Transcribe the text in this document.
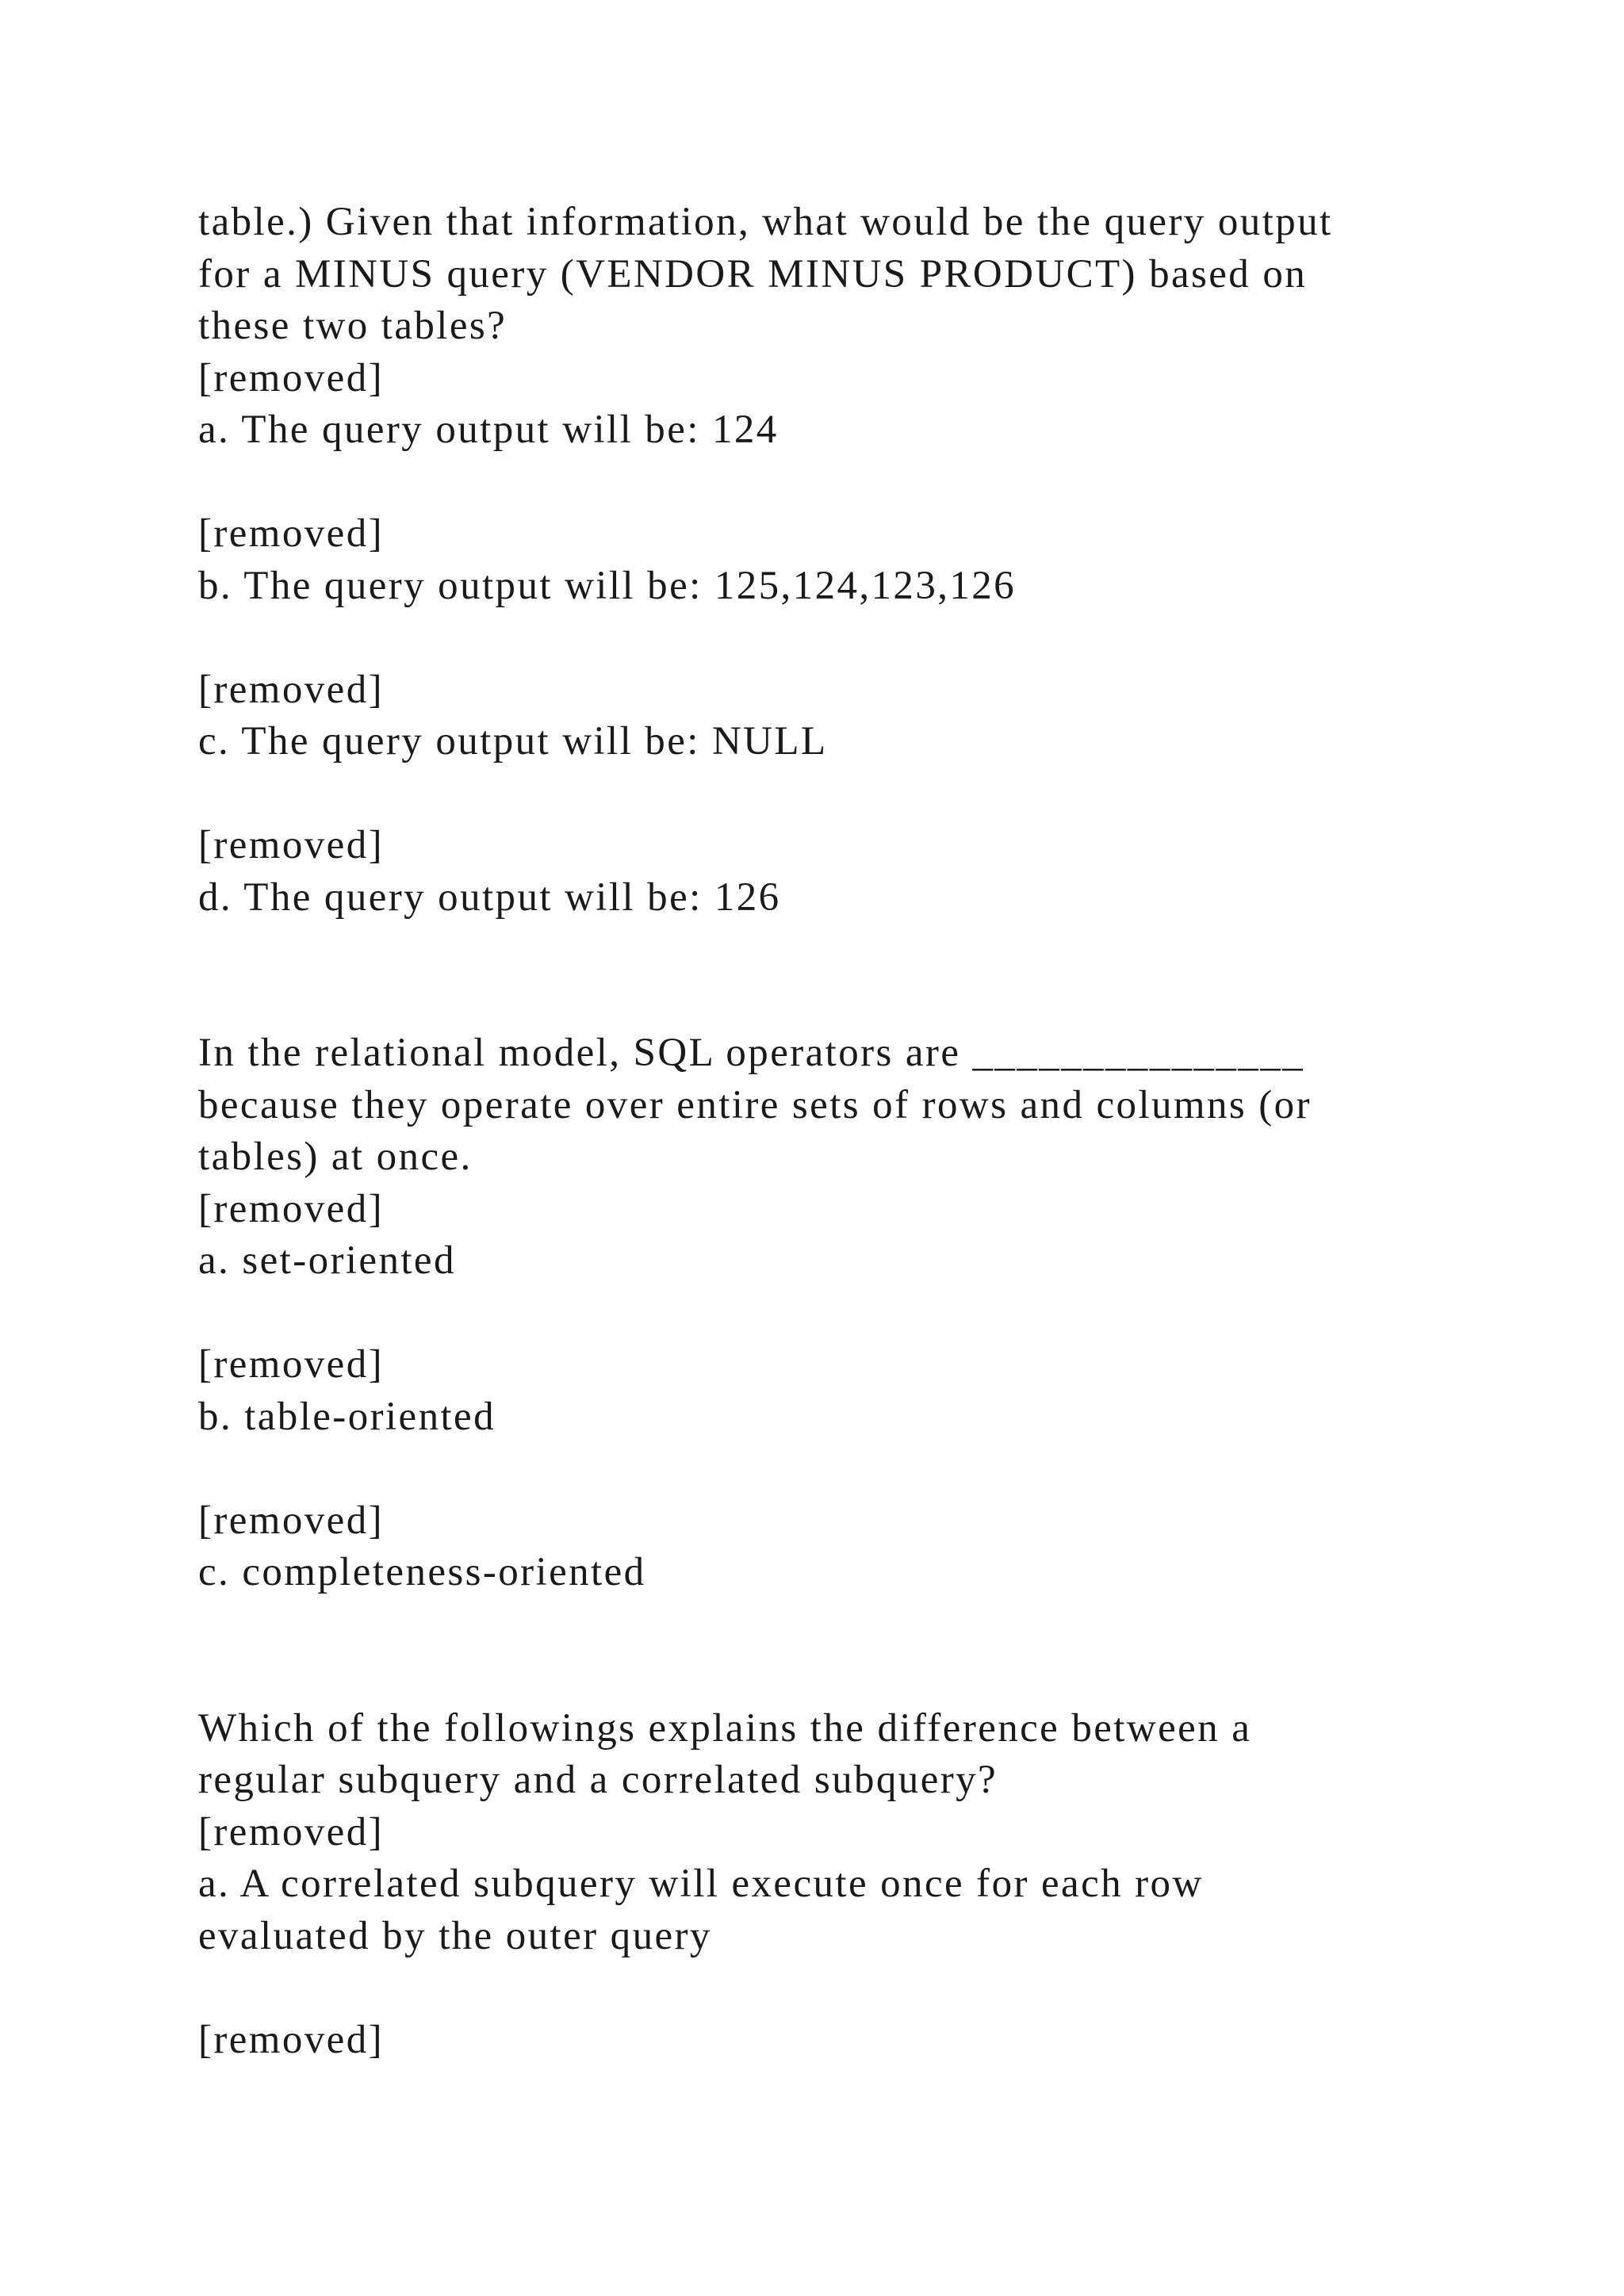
table.) Given that information, what would be the query output
for a MINUS query (VENDOR MINUS PRODUCT) based on
these two tables?
[removed]
a. The query output will be: 124
[removed]
b. The query output will be: 125,124,123,126
[removed]
c. The query output will be: NULL
[removed]
d. The query output will be: 126
In the relational model, SQL operators are _______________
because they operate over entire sets of rows and columns (or
tables) at once.
[removed]
a. set-oriented
[removed]
b. table-oriented
[removed]
c. completeness-oriented
Which of the followings explains the difference between a
regular subquery and a correlated subquery?
[removed]
a. A correlated subquery will execute once for each row
evaluated by the outer query
[removed]
